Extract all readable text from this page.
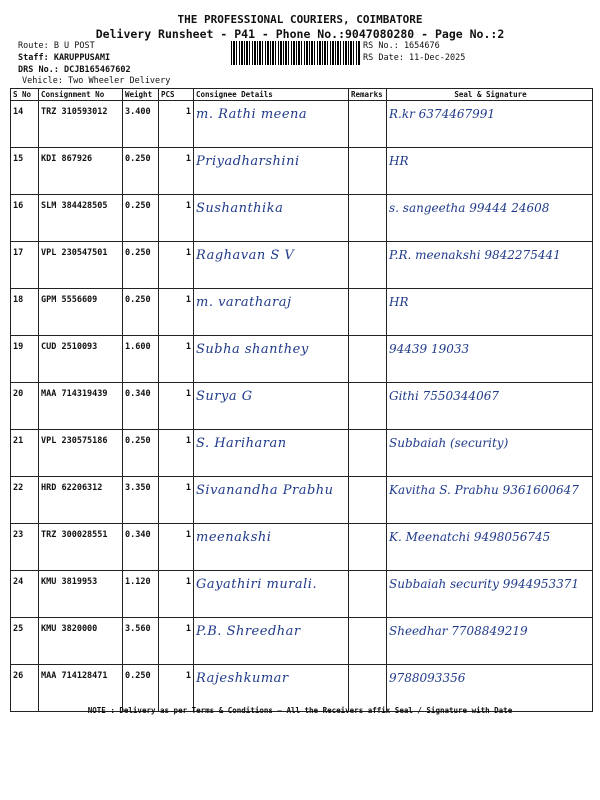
THE PROFESSIONAL COURIERS, COIMBATORE
Delivery Runsheet - P41 - Phone No.:9047080280 - Page No.:2
Route: B U POST
Staff: KARUPPUSAMI
DRS No.: DCJB165467602
Vehicle: Two Wheeler Delivery
RS No.: 1654676
RS Date: 11-Dec-2025
S No	Consignment No	Weight	PCS	Consignee Details	Remarks	Seal & Signature
14	TRZ 310593012	3.400	1	m. Rathi meena		R.kr 6374467991

15	KDI 867926	0.250	1	Priyadharshini		HR

16	SLM 384428505	0.250	1	Sushanthika		s. sangeetha 99444 24608

17	VPL 230547501	0.250	1	Raghavan S V		P.R. meenakshi 9842275441

18	GPM 5556609	0.250	1	m. varatharaj		HR

19	CUD 2510093	1.600	1	Subha shanthey		94439 19033

20	MAA 714319439	0.340	1	Surya G		Githi 7550344067

21	VPL 230575186	0.250	1	S. Hariharan		Subbaiah (security)

22	HRD 62206312	3.350	1	Sivanandha Prabhu		Kavitha S. Prabhu 9361600647

23	TRZ 300028551	0.340	1	meenakshi		K. Meenatchi 9498056745

24	KMU 3819953	1.120	1	Gayathiri murali.		Subbaiah security 9944953371

25	KMU 3820000	3.560	1	P.B. Shreedhar		Sheedhar 7708849219

26	MAA 714128471	0.250	1	Rajeshkumar		9788093356
NOTE : Delivery as per Terms & Conditions — All the Receivers affix Seal / Signature with Date
